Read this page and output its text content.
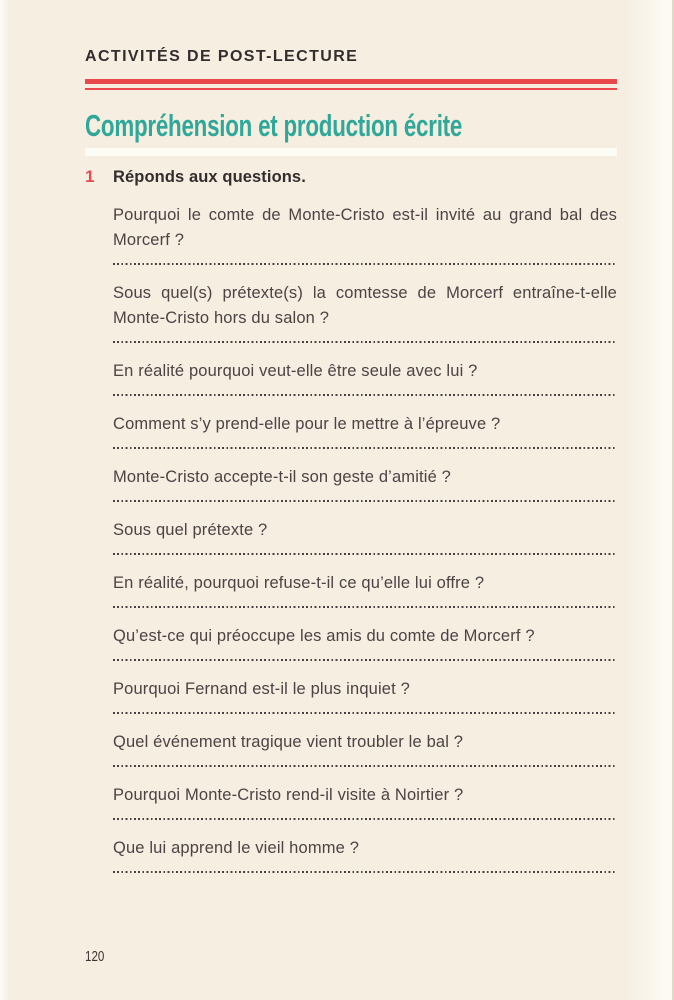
ACTIVITÉS DE POST-LECTURE
Compréhension et production écrite
1	Réponds aux questions.

Pourquoi le comte de Monte-Cristo est-il invité au grand bal des Morcerf ?

Sous quel(s) prétexte(s) la comtesse de Morcerf entraîne-t-elle Monte-Cristo hors du salon ?

En réalité pourquoi veut-elle être seule avec lui ?

Comment s’y prend-elle pour le mettre à l’épreuve ?

Monte-Cristo accepte-t-il son geste d’amitié ?

Sous quel prétexte ?

En réalité, pourquoi refuse-t-il ce qu’elle lui offre ?

Qu’est-ce qui préoccupe les amis du comte de Morcerf ?

Pourquoi Fernand est-il le plus inquiet ?

Quel événement tragique vient troubler le bal ?

Pourquoi Monte-Cristo rend-il visite à Noirtier ?

Que lui apprend le vieil homme ?

120
